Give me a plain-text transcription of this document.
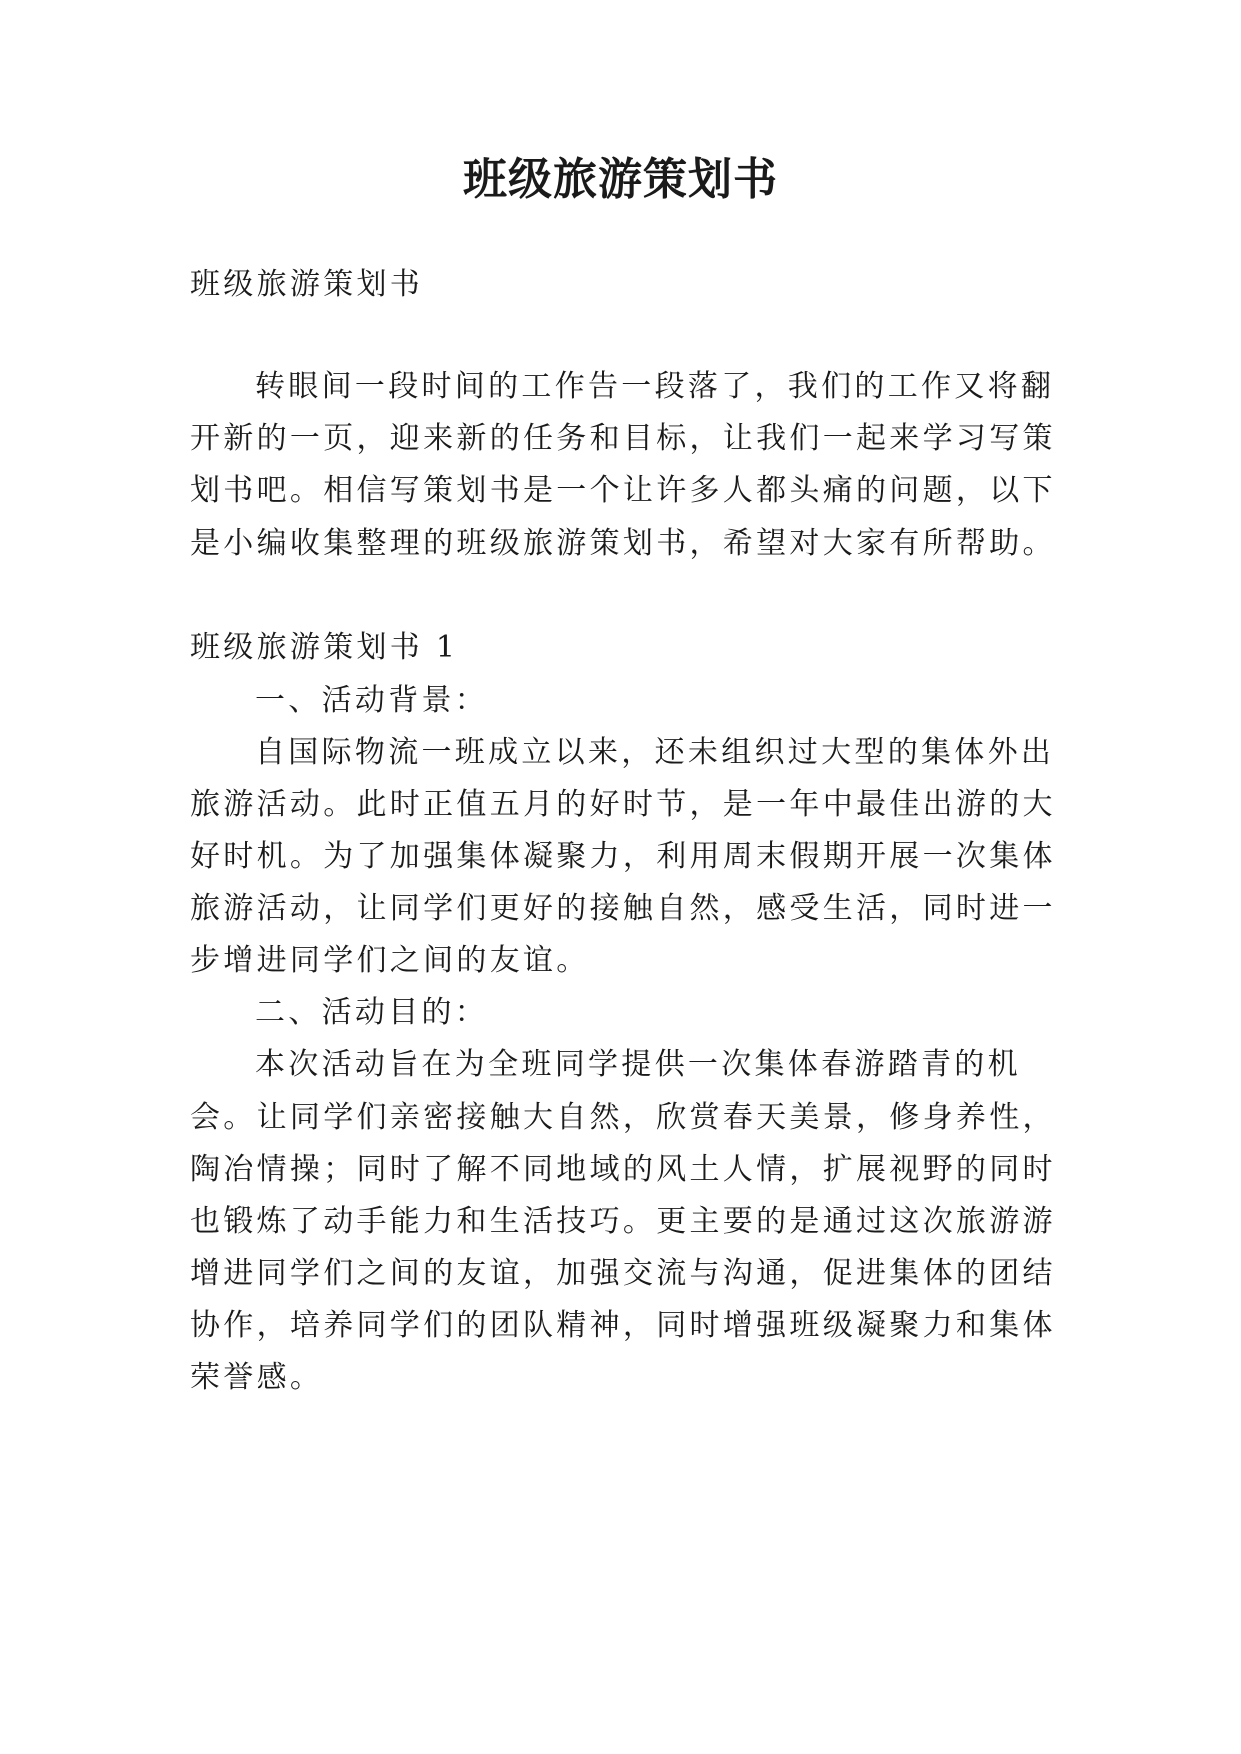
班级旅游策划书
班级旅游策划书
转眼间一段时间的工作告一段落了，我们的工作又将翻
开新的一页，迎来新的任务和目标，让我们一起来学习写策
划书吧。相信写策划书是一个让许多人都头痛的问题，以下
是小编收集整理的班级旅游策划书，希望对大家有所帮助。
班级旅游策划书 1
一、活动背景：
自国际物流一班成立以来，还未组织过大型的集体外出
旅游活动。此时正值五月的好时节，是一年中最佳出游的大
好时机。为了加强集体凝聚力，利用周末假期开展一次集体
旅游活动，让同学们更好的接触自然，感受生活，同时进一
步增进同学们之间的友谊。
二、活动目的：
本次活动旨在为全班同学提供一次集体春游踏青的机
会。让同学们亲密接触大自然，欣赏春天美景，修身养性，
陶冶情操；同时了解不同地域的风土人情，扩展视野的同时
也锻炼了动手能力和生活技巧。更主要的是通过这次旅游游
增进同学们之间的友谊，加强交流与沟通，促进集体的团结
协作，培养同学们的团队精神，同时增强班级凝聚力和集体
荣誉感。
